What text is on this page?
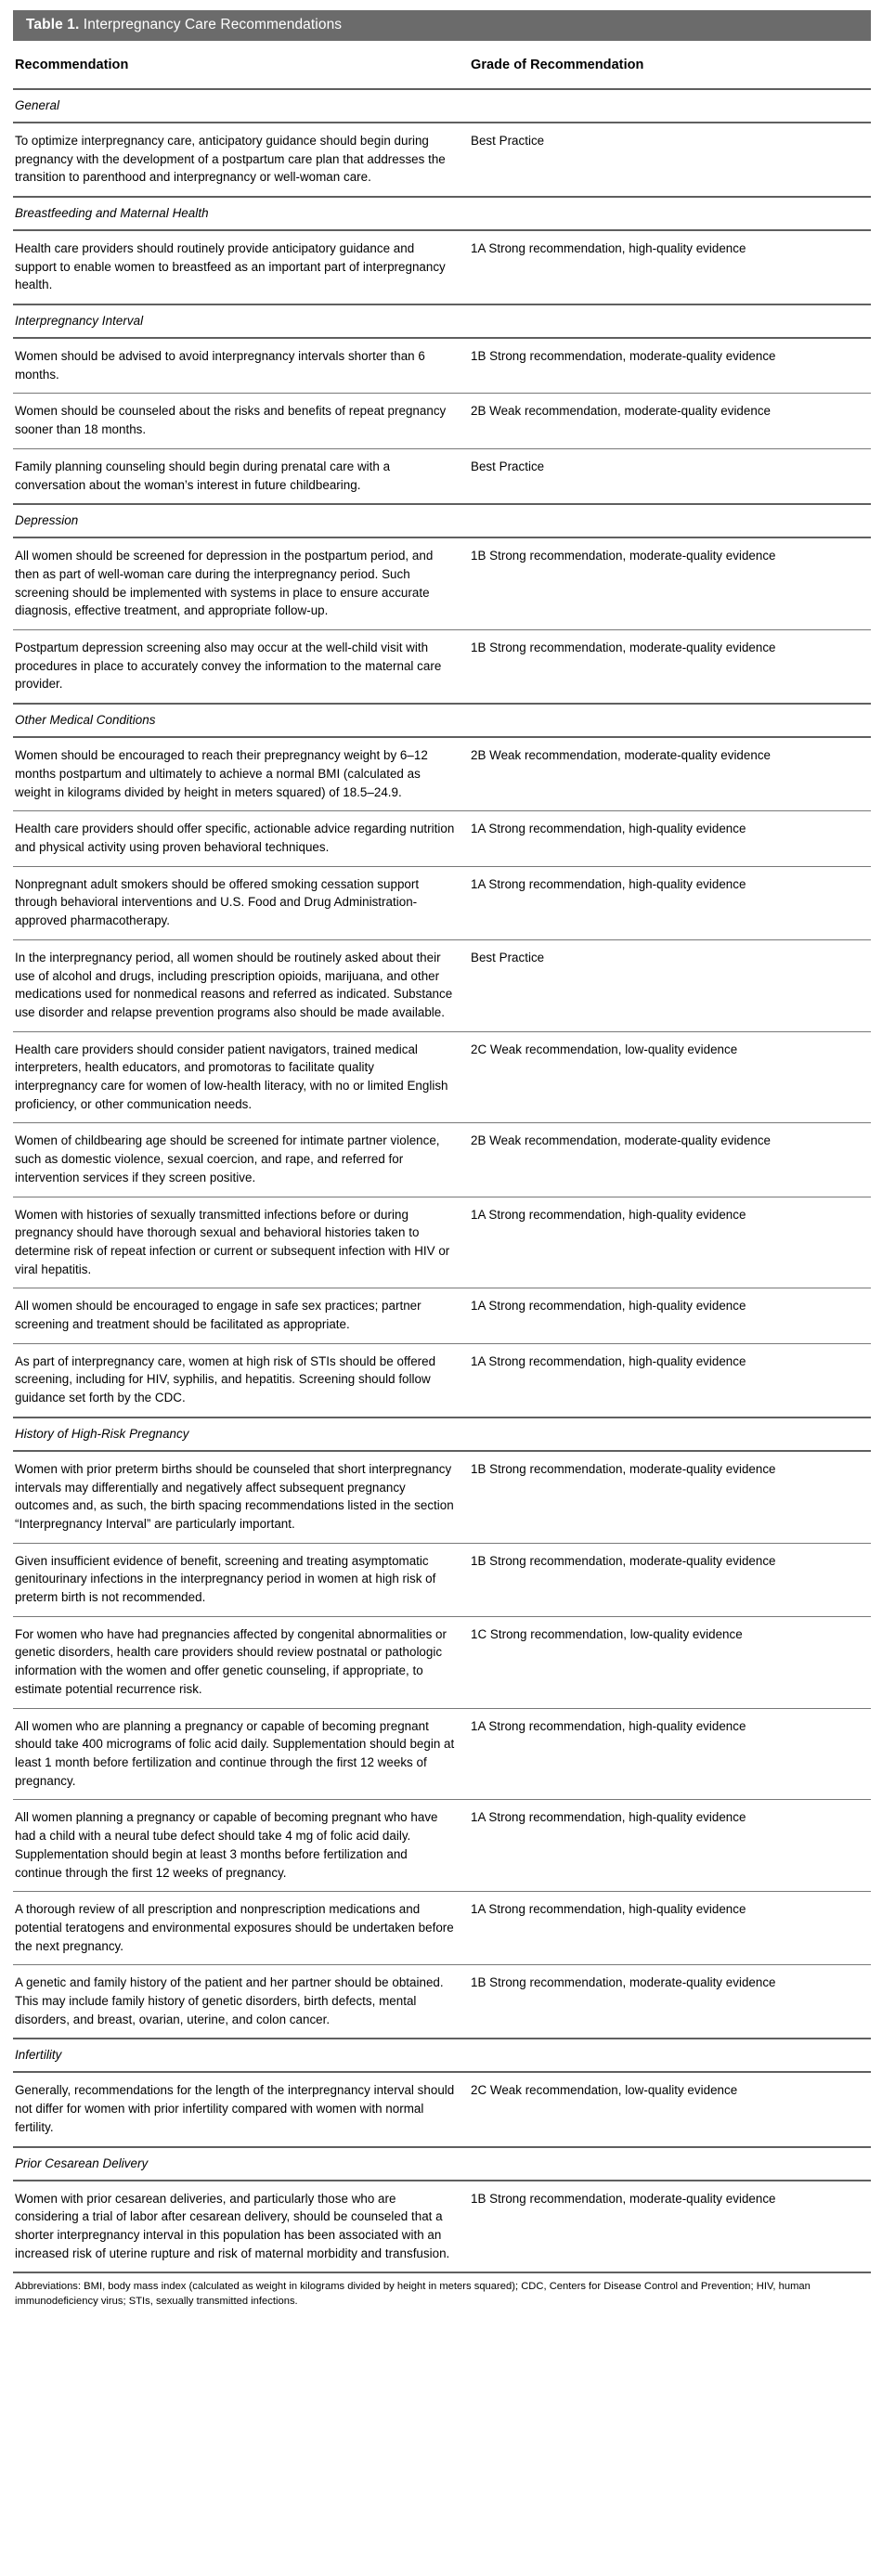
Table 1. Interpregnancy Care Recommendations
Recommendation	Grade of Recommendation
General	
To optimize interpregnancy care, anticipatory guidance should begin during pregnancy with the development of a postpartum care plan that addresses the transition to parenthood and interpregnancy or well-woman care.	Best Practice
Breastfeeding and Maternal Health	
Health care providers should routinely provide anticipatory guidance and support to enable women to breastfeed as an important part of interpregnancy health.	1A Strong recommendation, high-quality evidence
Interpregnancy Interval	
Women should be advised to avoid interpregnancy intervals shorter than 6 months.	1B Strong recommendation, moderate-quality evidence
Women should be counseled about the risks and benefits of repeat pregnancy sooner than 18 months.	2B Weak recommendation, moderate-quality evidence
Family planning counseling should begin during prenatal care with a conversation about the woman’s interest in future childbearing.	Best Practice
Depression	
All women should be screened for depression in the postpartum period, and then as part of well-woman care during the interpregnancy period. Such screening should be implemented with systems in place to ensure accurate diagnosis, effective treatment, and appropriate follow-up.	1B Strong recommendation, moderate-quality evidence
Postpartum depression screening also may occur at the well-child visit with procedures in place to accurately convey the information to the maternal care provider.	1B Strong recommendation, moderate-quality evidence
Other Medical Conditions	
Women should be encouraged to reach their prepregnancy weight by 6–12 months postpartum and ultimately to achieve a normal BMI (calculated as weight in kilograms divided by height in meters squared) of 18.5–24.9.	2B Weak recommendation, moderate-quality evidence
Health care providers should offer specific, actionable advice regarding nutrition and physical activity using proven behavioral techniques.	1A Strong recommendation, high-quality evidence
Nonpregnant adult smokers should be offered smoking cessation support through behavioral interventions and U.S. Food and Drug Administration-approved pharmacotherapy.	1A Strong recommendation, high-quality evidence
In the interpregnancy period, all women should be routinely asked about their use of alcohol and drugs, including prescription opioids, marijuana, and other medications used for nonmedical reasons and referred as indicated. Substance use disorder and relapse prevention programs also should be made available.	Best Practice
Health care providers should consider patient navigators, trained medical interpreters, health educators, and promotoras to facilitate quality interpregnancy care for women of low-health literacy, with no or limited English proficiency, or other communication needs.	2C Weak recommendation, low-quality evidence
Women of childbearing age should be screened for intimate partner violence, such as domestic violence, sexual coercion, and rape, and referred for intervention services if they screen positive.	2B Weak recommendation, moderate-quality evidence
Women with histories of sexually transmitted infections before or during pregnancy should have thorough sexual and behavioral histories taken to determine risk of repeat infection or current or subsequent infection with HIV or viral hepatitis.	1A Strong recommendation, high-quality evidence
All women should be encouraged to engage in safe sex practices; partner screening and treatment should be facilitated as appropriate.	1A Strong recommendation, high-quality evidence
As part of interpregnancy care, women at high risk of STIs should be offered screening, including for HIV, syphilis, and hepatitis. Screening should follow guidance set forth by the CDC.	1A Strong recommendation, high-quality evidence
History of High-Risk Pregnancy	
Women with prior preterm births should be counseled that short interpregnancy intervals may differentially and negatively affect subsequent pregnancy outcomes and, as such, the birth spacing recommendations listed in the section “Interpregnancy Interval” are particularly important.	1B Strong recommendation, moderate-quality evidence
Given insufficient evidence of benefit, screening and treating asymptomatic genitourinary infections in the interpregnancy period in women at high risk of preterm birth is not recommended.	1B Strong recommendation, moderate-quality evidence
For women who have had pregnancies affected by congenital abnormalities or genetic disorders, health care providers should review postnatal or pathologic information with the women and offer genetic counseling, if appropriate, to estimate potential recurrence risk.	1C Strong recommendation, low-quality evidence
All women who are planning a pregnancy or capable of becoming pregnant should take 400 micrograms of folic acid daily. Supplementation should begin at least 1 month before fertilization and continue through the first 12 weeks of pregnancy.	1A Strong recommendation, high-quality evidence
All women planning a pregnancy or capable of becoming pregnant who have had a child with a neural tube defect should take 4 mg of folic acid daily. Supplementation should begin at least 3 months before fertilization and continue through the first 12 weeks of pregnancy.	1A Strong recommendation, high-quality evidence
A thorough review of all prescription and nonprescription medications and potential teratogens and environmental exposures should be undertaken before the next pregnancy.	1A Strong recommendation, high-quality evidence
A genetic and family history of the patient and her partner should be obtained. This may include family history of genetic disorders, birth defects, mental disorders, and breast, ovarian, uterine, and colon cancer.	1B Strong recommendation, moderate-quality evidence
Infertility	
Generally, recommendations for the length of the interpregnancy interval should not differ for women with prior infertility compared with women with normal fertility.	2C Weak recommendation, low-quality evidence
Prior Cesarean Delivery	
Women with prior cesarean deliveries, and particularly those who are considering a trial of labor after cesarean delivery, should be counseled that a shorter interpregnancy interval in this population has been associated with an increased risk of uterine rupture and risk of maternal morbidity and transfusion.	1B Strong recommendation, moderate-quality evidence
Abbreviations: BMI, body mass index (calculated as weight in kilograms divided by height in meters squared); CDC, Centers for Disease Control and Prevention; HIV, human immunodeficiency virus; STIs, sexually transmitted infections.
